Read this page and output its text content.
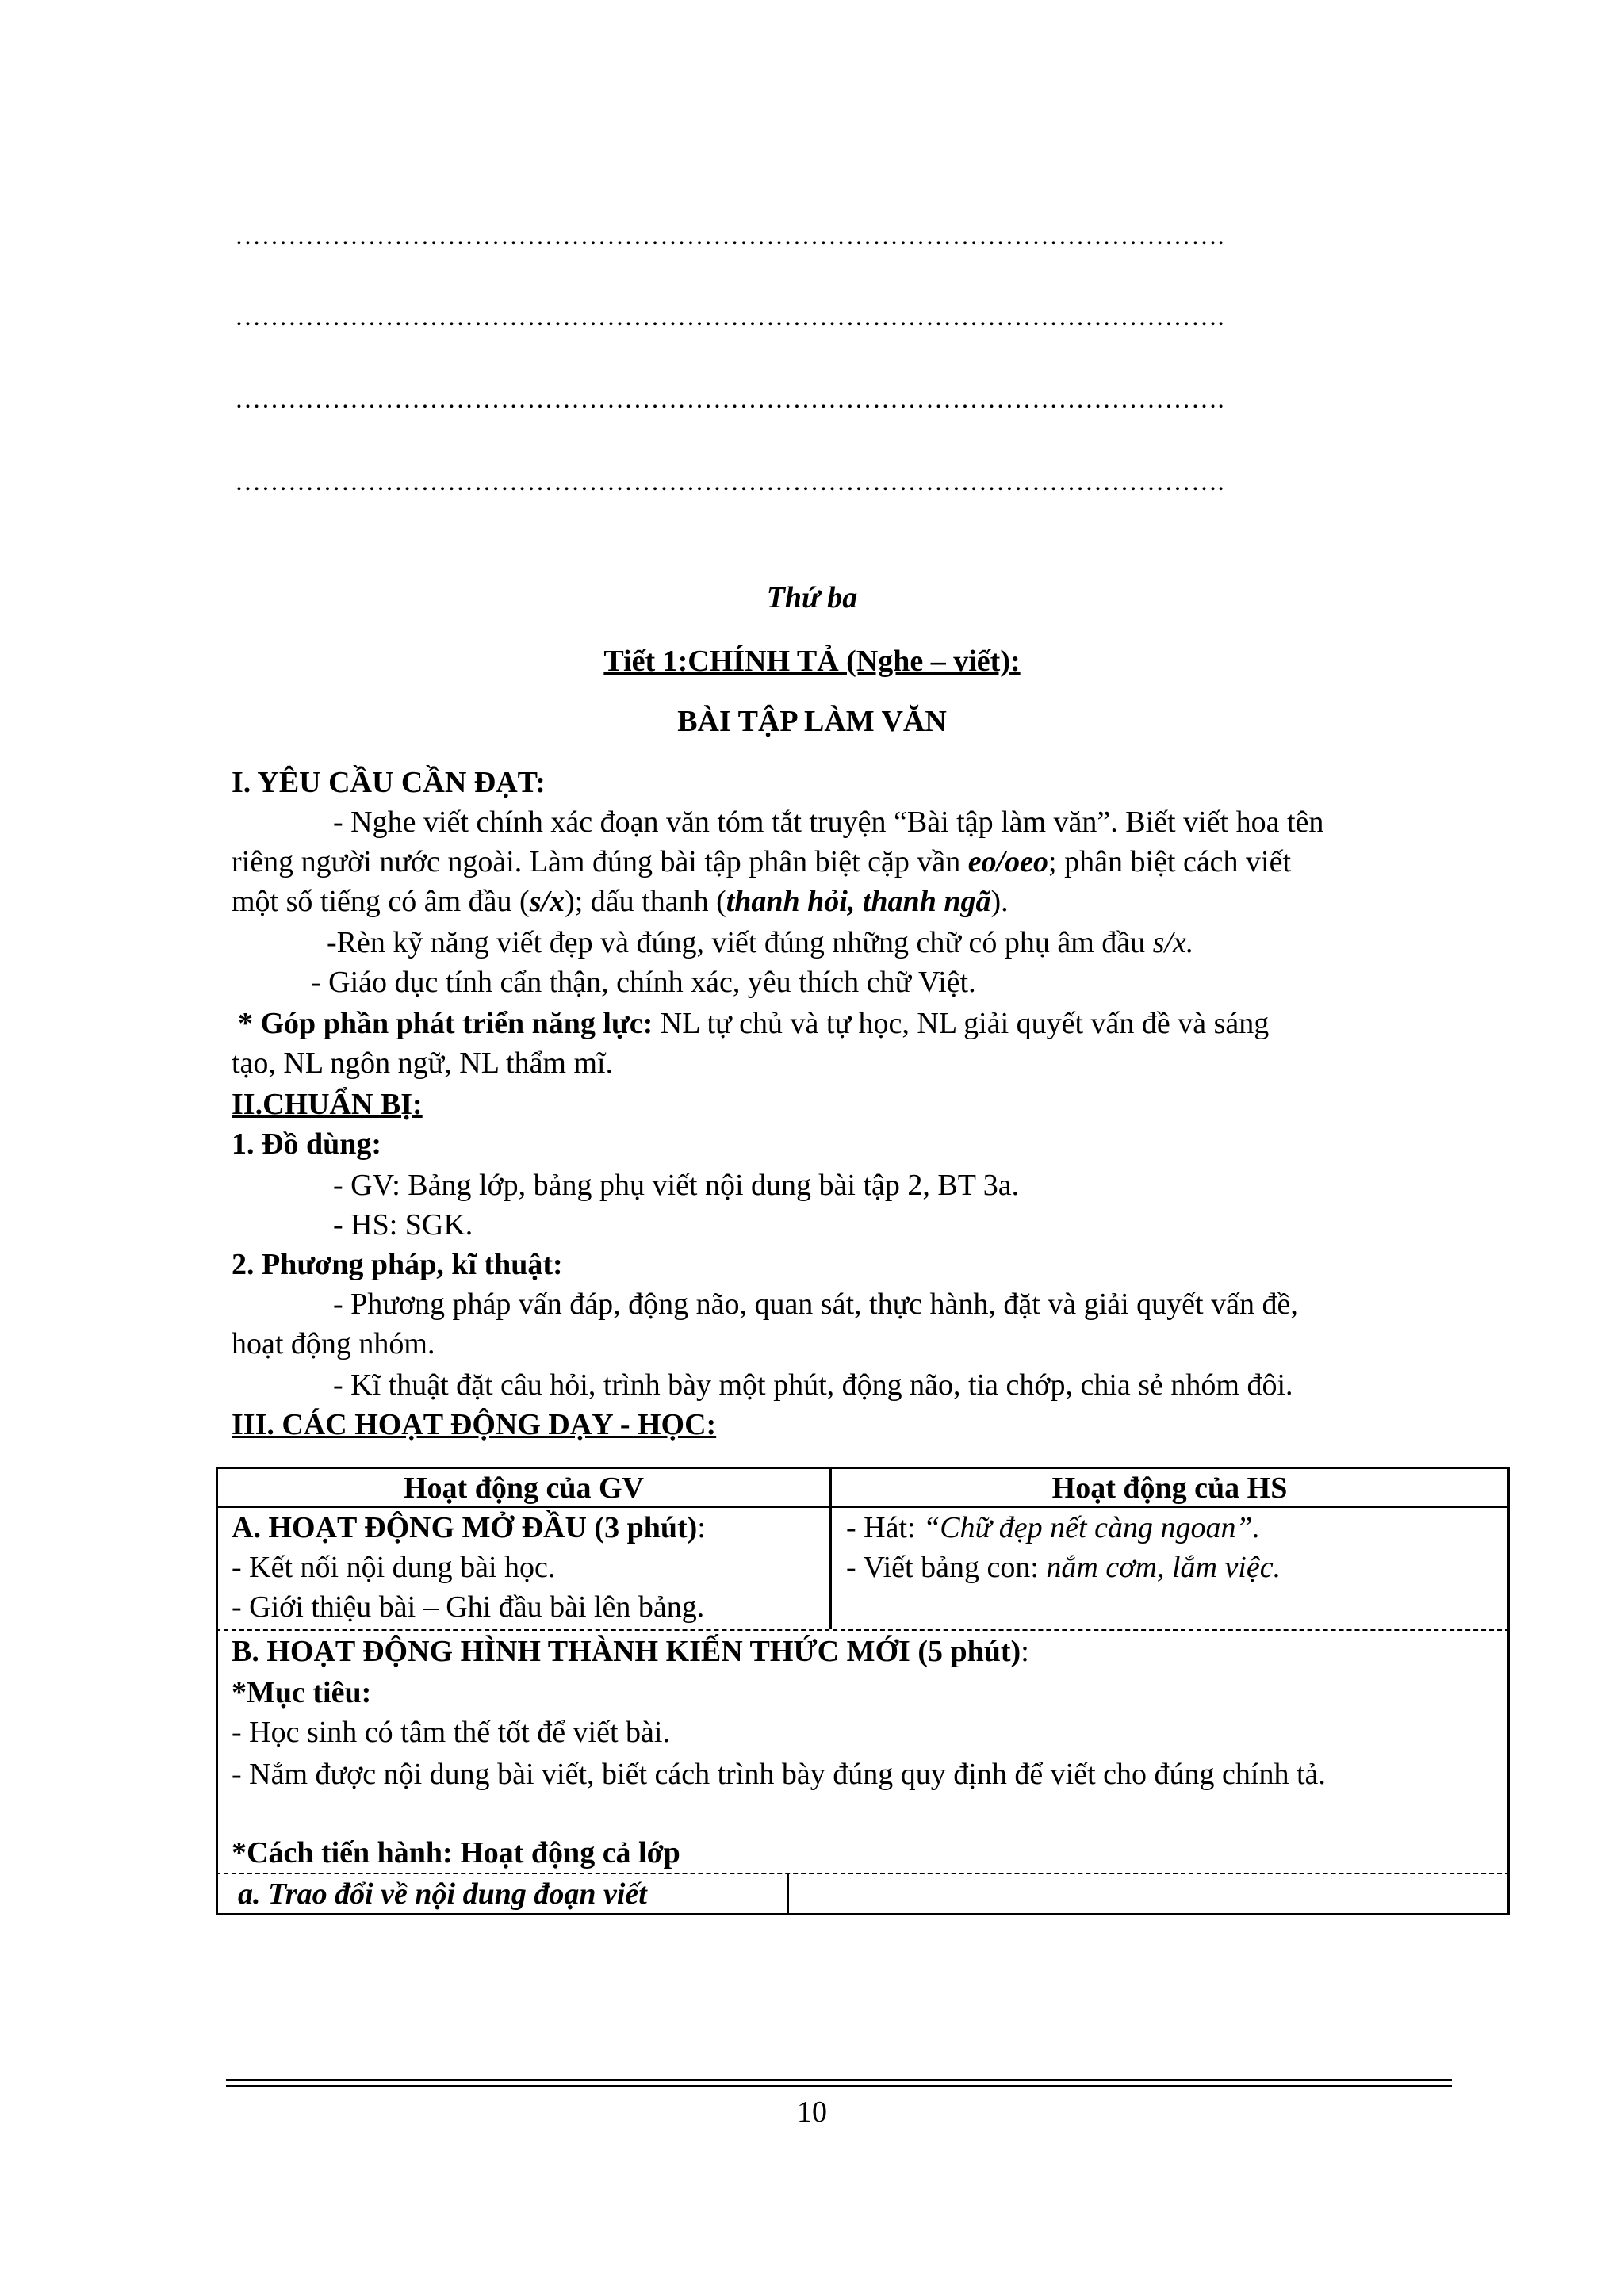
………………………………………………………………………………………………….
………………………………………………………………………………………………….
………………………………………………………………………………………………….
………………………………………………………………………………………………….
Thứ ba
Tiết 1:CHÍNH TẢ (Nghe – viết):
BÀI TẬP LÀM VĂN
I. YÊU CẦU CẦN ĐẠT:
- Nghe viết chính xác đoạn văn tóm tắt truyện “Bài tập làm văn”. Biết viết hoa tên
riêng người nước ngoài. Làm đúng bài tập phân biệt cặp vần eo/oeo; phân biệt cách viết
một số tiếng có âm đầu (s/x); dấu thanh (thanh hỏi, thanh ngã).
-Rèn kỹ năng viết đẹp và đúng, viết đúng những chữ có phụ âm đầu s/x.
- Giáo dục tính cẩn thận, chính xác, yêu thích chữ Việt.
* Góp phần phát triển năng lực: NL tự chủ và tự học, NL giải quyết vấn đề và sáng
tạo, NL ngôn ngữ, NL thẩm mĩ.
II.CHUẨN BỊ:
1. Đồ dùng:
- GV: Bảng lớp, bảng phụ viết nội dung bài tập 2, BT 3a.
- HS: SGK.
2. Phương pháp, kĩ thuật:
- Phương pháp vấn đáp, động não, quan sát, thực hành, đặt và giải quyết vấn đề,
hoạt động nhóm.
- Kĩ thuật đặt câu hỏi, trình bày một phút, động não, tia chớp, chia sẻ nhóm đôi.
III. CÁC HOẠT ĐỘNG DẠY - HỌC:
Hoạt động của GV	Hoạt động của HS
A. HOẠT ĐỘNG MỞ ĐẦU (3 phút):
- Kết nối nội dung bài học.
- Giới thiệu bài – Ghi đầu bài lên bảng.
- Hát: “Chữ đẹp nết càng ngoan”.
- Viết bảng con: nắm cơm, lắm việc.
B. HOẠT ĐỘNG HÌNH THÀNH KIẾN THỨC MỚI (5 phút):
*Mục tiêu:
- Học sinh có tâm thế tốt để viết bài.
- Nắm được nội dung bài viết, biết cách trình bày đúng quy định để viết cho đúng chính tả.
*Cách tiến hành: Hoạt động cả lớp
a. Trao đổi về nội dung đoạn viết
10
